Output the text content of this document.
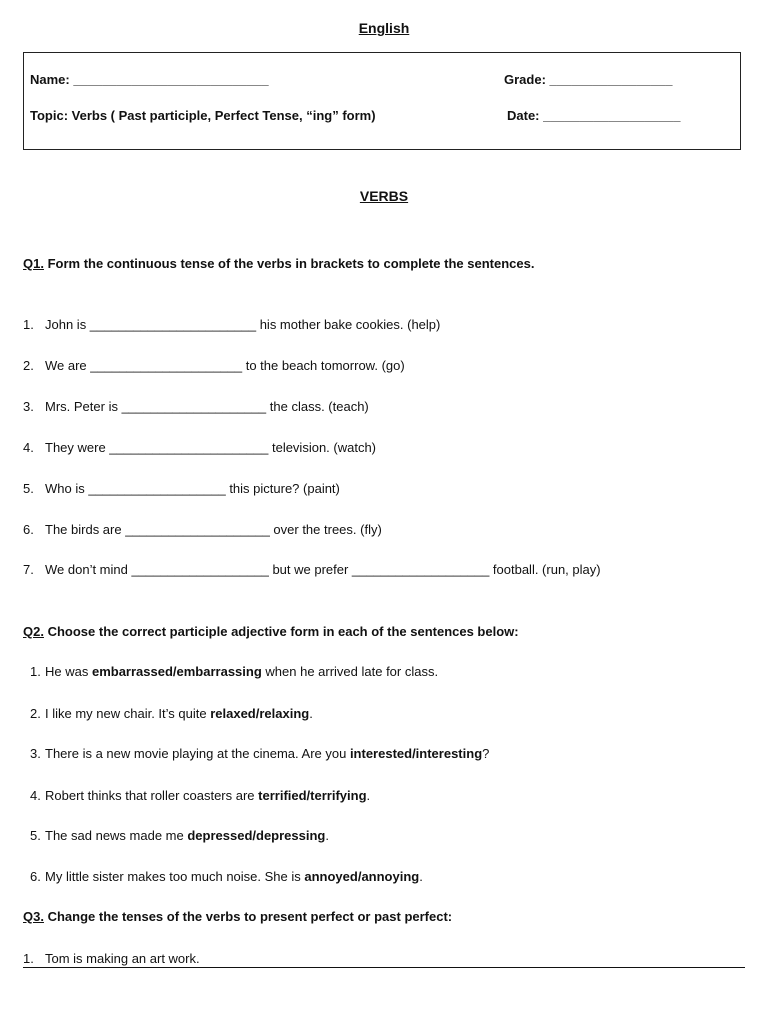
English
Name: ___________________________	Grade: _________________
Topic: Verbs ( Past participle, Perfect Tense, “ing” form)	Date: ___________________
VERBS
Q1. Form the continuous tense of the verbs in brackets to complete the sentences.
1. John is _______________________ his mother bake cookies. (help)
2. We are _____________________ to the beach tomorrow. (go)
3. Mrs. Peter is ____________________ the class. (teach)
4. They were ______________________ television. (watch)
5. Who is ___________________ this picture? (paint)
6. The birds are ____________________ over the trees. (fly)
7. We don’t mind ___________________ but we prefer ___________________ football. (run, play)
Q2. Choose the correct participle adjective form in each of the sentences below:
1. He was embarrassed/embarrassing when he arrived late for class.
2. I like my new chair. It’s quite relaxed/relaxing.
3. There is a new movie playing at the cinema. Are you interested/interesting?
4. Robert thinks that roller coasters are terrified/terrifying.
5. The sad news made me depressed/depressing.
6. My little sister makes too much noise. She is annoyed/annoying.
Q3. Change the tenses of the verbs to present perfect or past perfect:
1. Tom is making an art work.
